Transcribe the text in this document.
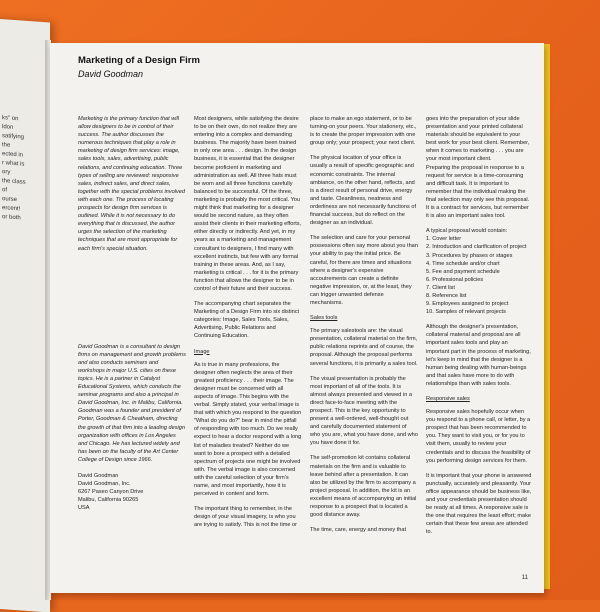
ks" on
ldon
satifying
the
ected in
r what is
ory
the class
of
ourse
ercent!
or both
Marketing of a Design Firm
David Goodman

Marketing is the primary function that will allow designers to be in control of their success. The author discusses the numerous techniques that play a role in marketing of design firm services: image, sales tools, sales, advertising, public relations, and continuing education. Three types of selling are reviewed: responsive sales, indirect sales, and direct sales, together with the special problems involved with each one. The process of locating prospects for design firm services is outlined. While it is not necessary to do everything that is discussed, the author urges the selection of the marketing techniques that are most appropriate for each firm's special situation.

David Goodman is a consultant to design firms on management and growth problems and also conducts seminars and workshops in major U.S. cities on these topics. He is a partner in Catalyst Educational Systems, which conducts the seminar programs and also a principal in David Goodman, Inc. in Malibu, California.
Goodman was a founder and president of Porter, Goodman & Cheatham, directing the growth of that firm into a leading design organization with offices in Los Angeles and Chicago. He has lectured widely and has been on the faculty of the Art Center College of Design since 1966.

David Goodman
David Goodman, Inc.
6267 Paseo Canyon Drive
Malibu, California 90265
USA

Most designers, while satisfying the desire to be on their own, do not realize they are entering into a complex and demanding business. The majority have been trained in only one area . . . design. In the design business, it is essential that the designer become proficient in marketing and administration as well. All three hats must be worn and all three functions carefully balanced to be successful. Of the three, marketing is probably the most critical. You might think that marketing for a designer would be second nature, as they often assist their clients in their marketing efforts, either directly or indirectly. And yet, in my years as a marketing and management consultant to designers, I find many with excellent instincts, but few with any formal training in these areas. And, as I say, marketing is critical . . . for it is the primary function that allows the designer to be in control of their future and their success.

The accompanying chart separates the Marketing of a Design Firm into six distinct categories: Image, Sales Tools, Sales, Advertising, Public Relations and Continuing Education.

Image

As is true in many professions, the designer often neglects the area of their greatest proficiency . . . their image. The designer must be concerned with all aspects of image. This begins with the verbal. Simply stated, your verbal image is that with which you respond to the question "What do you do?" bear in mind the pitfall of responding with too much. Do we really expect to hear a doctor respond with a long list of maladies treated? Neither do we want to bore a prospect with a detailed spectrum of projects one might be involved with. The verbal image is also concerned with the careful selection of your firm's name, and most importantly, how it is perceived in content and form.

The important thing to remember, in the design of your visual imagery, is who you are trying to satisfy. This is not the time or

place to make an ego statement, or to be turning-on your peers. Your stationery, etc., is to create the proper impression with one group only; your prospect; your next client.

The physical location of your office is usually a result of specific geographic and economic constraints. The internal ambiance, on the other hand, reflects, and is a direct result of personal drive, energy and taste. Cleanliness, neatness and orderliness are not necessarily functions of financial success, but do reflect on the designer as an individual.

The selection and care for your personal possessions often say more about you than your ability to pay the initial price. Be careful, for there are times and situations where a designer's expensive accoutrements can create a definite negative impression, or, at the least, they can trigger unwanted defense mechanisms.

Sales tools

The primary salestools are: the visual presentation, collateral material on the firm, public relations reprints and of course, the proposal. Although the proposal performs several functions, it is primarily a sales tool.

The visual presentation is probably the most important of all of the tools. It is almost always presented and viewed in a direct face-to-face meeting with the prospect. This is the key opportunity to present a well-ordered, well-thought out and carefully documented statement of who you are, what you have done, and who you have done it for.

The self-promotion kit contains collateral materials on the firm and is valuable to leave behind after a presentation. It can also be utilized by the firm to accompany a project proposal. In addition, the kit is an excellent means of accompanying an initial response to a prospect that is located a good distance away.

The time, care, energy and money that

goes into the preparation of your slide presentation and your printed collateral materials should be equivalent to your best work for your best client. Remember, when it comes to marketing . . . you are your most important client.
Preparing the proposal in response to a request for service is a time-consuming and difficult task. It is important to remember that the individual making the final selection may only see this proposal. It is a contract for services, but remember it is also an important sales tool.

A typical proposal would contain:
1. Cover letter
2. Introduction and clarification of project
3. Procedures by phases or stages
4. Time schedule and/or chart
5. Fee and payment schedule
6. Professional policies
7. Client list
8. Reference list
9. Employees assigned to project
10. Samples of relevant projects

Although the designer's presentation, collateral material and proposal are all important sales tools and play an important part in the process of marketing, let's keep in mind that the designer is a human being dealing with human-beings and that sales have more to do with relationships than with sales tools.

Responsive sales

Responsive sales hopefully occur when you respond to a phone call, or letter, by a prospect that has been recommended to you. They want to visit you, or for you to visit them, usually to review your credentials and to discuss the feasibility of you performing design services for them.

It is important that your phone is answered punctually, accurately and pleasantly. Your office appearance should be business like, and your credentials presentation should be ready at all times. A responsive sale is the one that requires the least effort; make certain that these few areas are attended to.

11
